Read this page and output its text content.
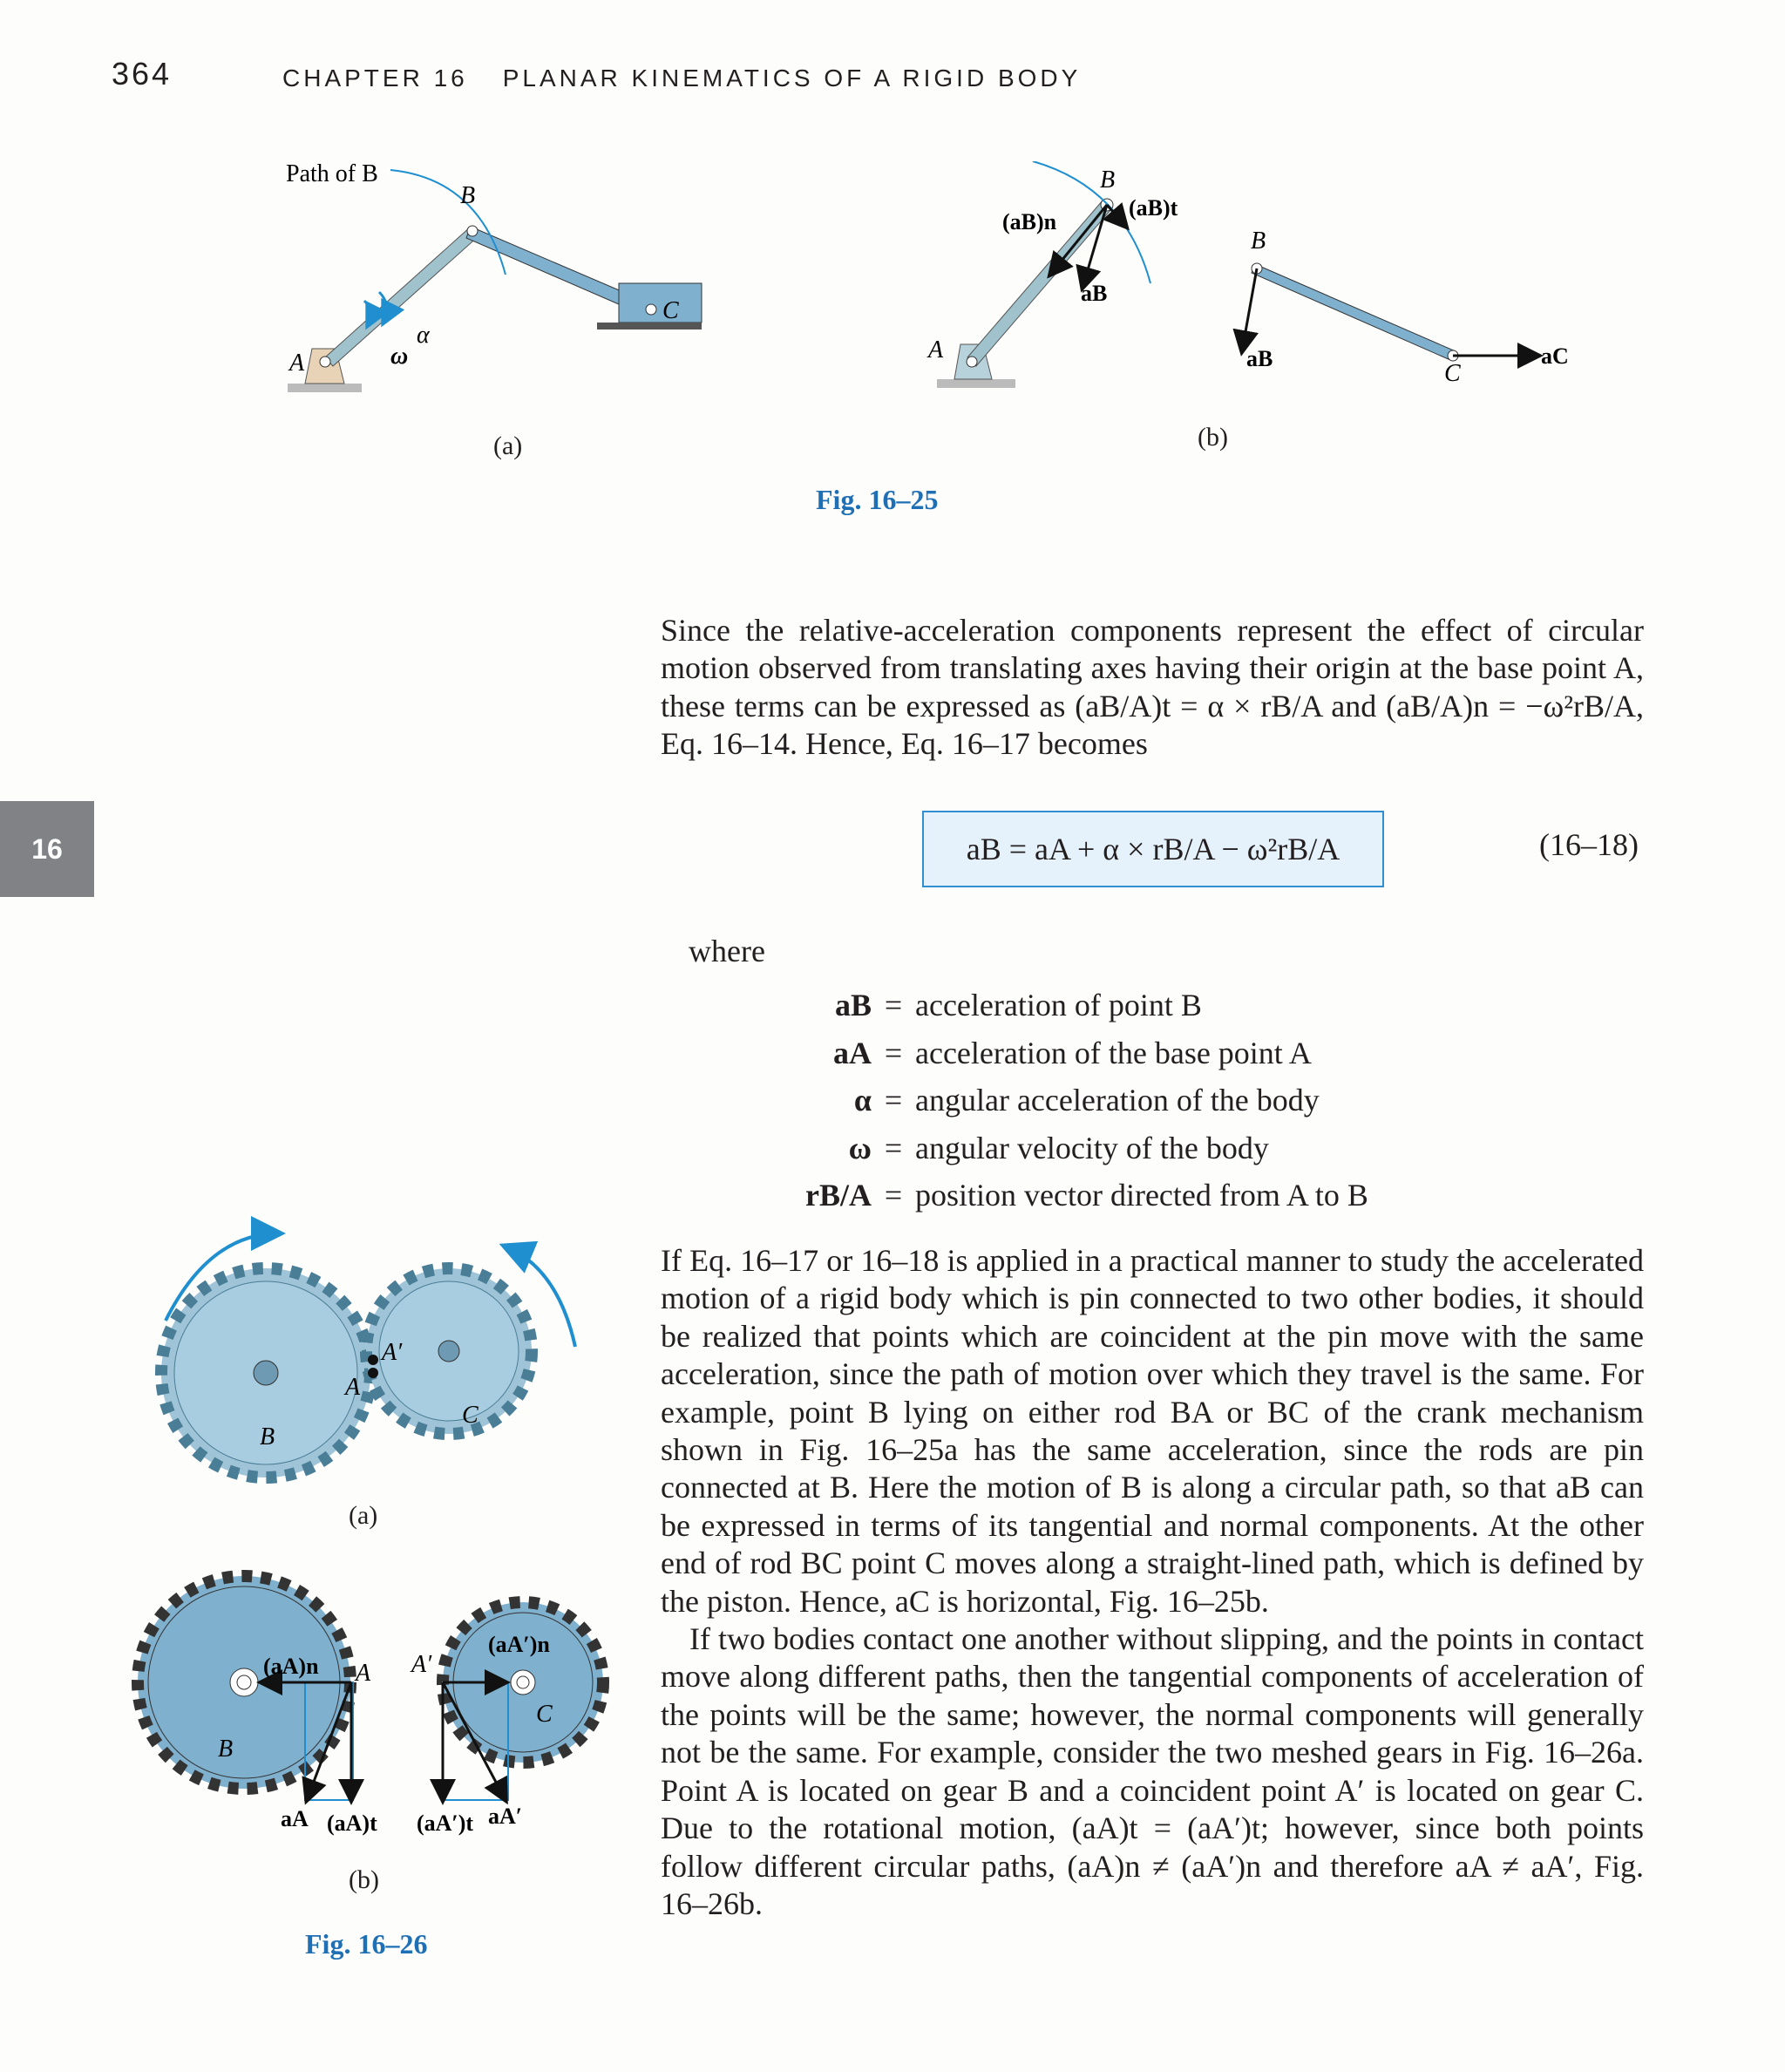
364	CHAPTER 16 PLANAR KINEMATICS OF A RIGID BODY
16
Path of B
B
C
A
α
ω
(a)
B
(aB)n
(aB)t
aB
A
B
aB
C
aC
(b)
Fig. 16–25

Since the relative-acceleration components represent the effect of circular motion observed from translating axes having their origin at the base point A, these terms can be expressed as (aB/A)t = α × rB/A and (aB/A)n = −ω²rB/A, Eq. 16–14. Hence, Eq. 16–17 becomes

aB = aA + α × rB/A − ω²rB/A	(16–18)
where
aB = acceleration of point B
aA = acceleration of the base point A
α = angular acceleration of the body
ω = angular velocity of the body
rB/A = position vector directed from A to B

If Eq. 16–17 or 16–18 is applied in a practical manner to study the accelerated motion of a rigid body which is pin connected to two other bodies, it should be realized that points which are coincident at the pin move with the same acceleration, since the path of motion over which they travel is the same. For example, point B lying on either rod BA or BC of the crank mechanism shown in Fig. 16–25a has the same acceleration, since the rods are pin connected at B. Here the motion of B is along a circular path, so that aB can be expressed in terms of its tangential and normal components. At the other end of rod BC point C moves along a straight-lined path, which is defined by the piston. Hence, aC is horizontal, Fig. 16–25b.

If two bodies contact one another without slipping, and the points in contact move along different paths, then the tangential components of acceleration of the points will be the same; however, the normal components will generally not be the same. For example, consider the two meshed gears in Fig. 16–26a. Point A is located on gear B and a coincident point A′ is located on gear C. Due to the rotational motion, (aA)t = (aA′)t; however, since both points follow different circular paths, (aA)n ≠ (aA′)n and therefore aA ≠ aA′, Fig. 16–26b.

A
A′
B
C
(a)
(aA)n A A′
(aA′)n
B
C
aA (aA)t (aA′)t aA′
(b)
Fig. 16–26
